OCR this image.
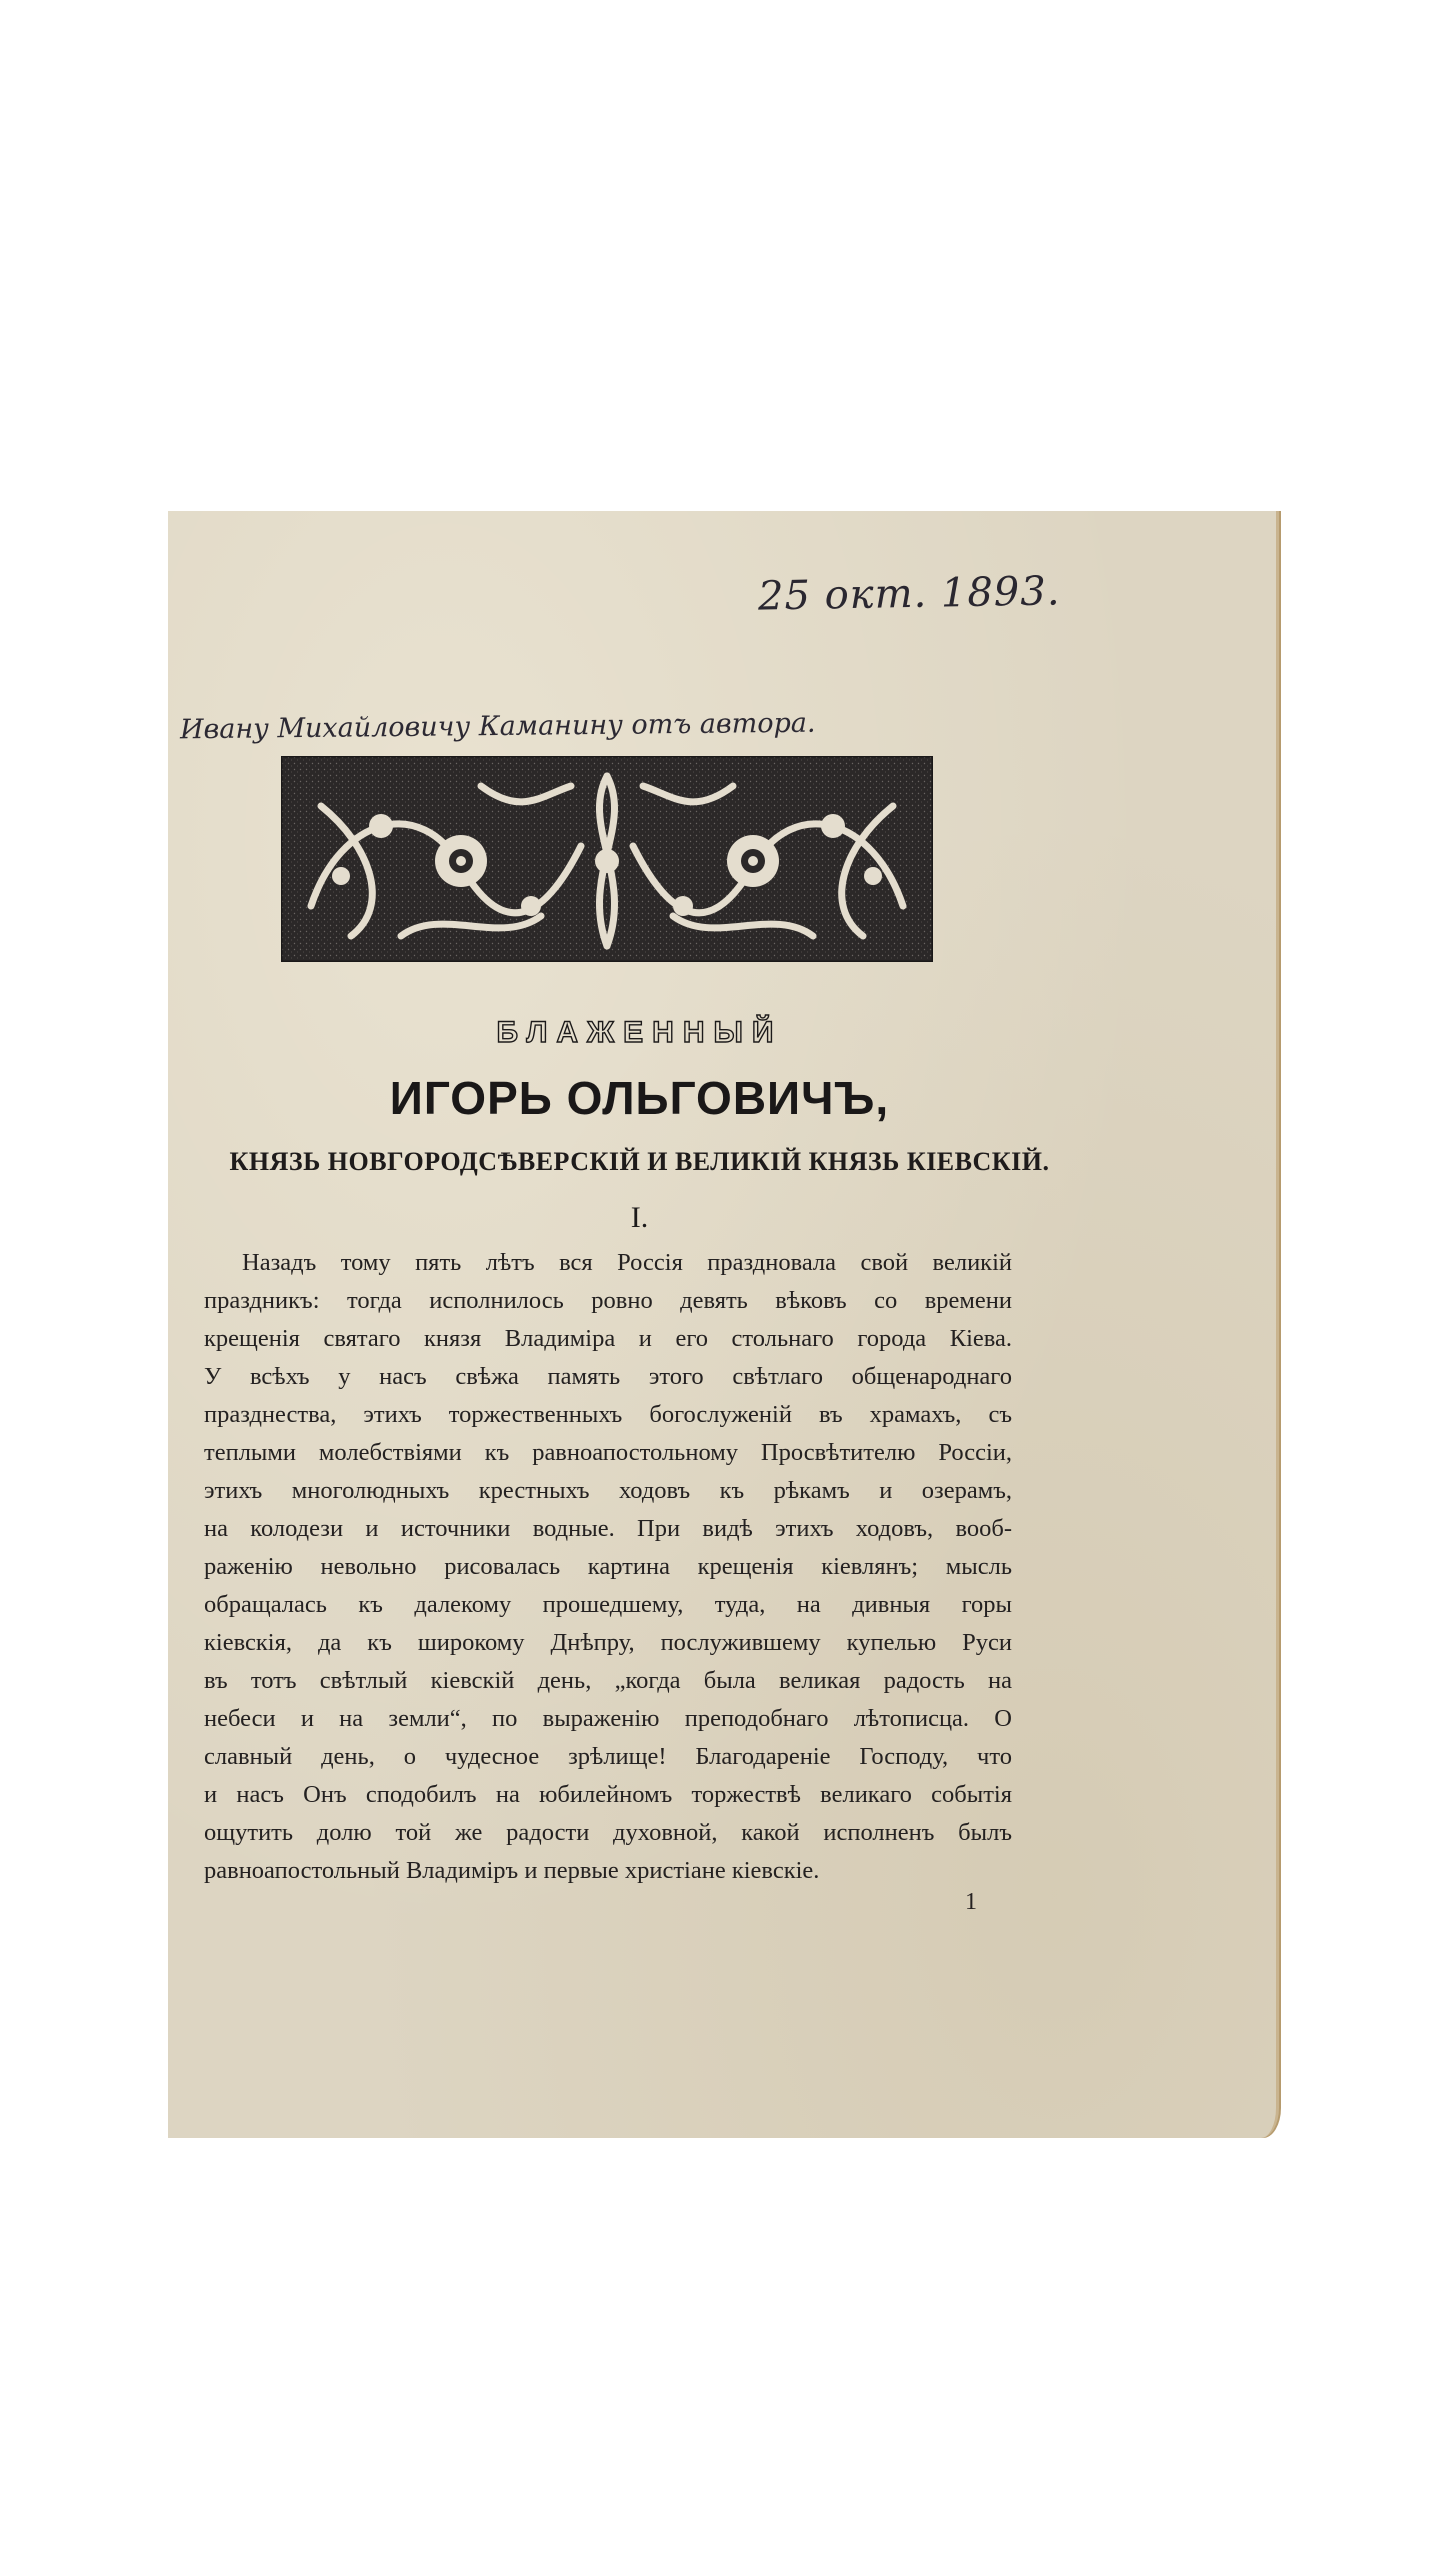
25 окт. 1893.
Ивану Михайловичу Каманину отъ автора.
БЛАЖЕННЫЙ
ИГОРЬ ОЛЬГОВИЧЪ,
КНЯЗЬ НОВГОРОДСѢВЕРСКІЙ И ВЕЛИКІЙ КНЯЗЬ КІЕВСКІЙ.
I.
Назадъ тому пять лѣтъ вся Россія праздновала свой великій
праздникъ: тогда исполнилось ровно девять вѣковъ со времени
крещенія святаго князя Владиміра и его стольнаго города Кіева.
У всѣхъ у насъ свѣжа память этого свѣтлаго общенароднаго
празднества, этихъ торжественныхъ богослуженій въ храмахъ, съ
теплыми молебствіями къ равноапостольному Просвѣтителю Россіи,
этихъ многолюдныхъ крестныхъ ходовъ къ рѣкамъ и озерамъ,
на колодези и источники водные. При видѣ этихъ ходовъ, вооб-
раженію невольно рисовалась картина крещенія кіевлянъ; мысль
обращалась къ далекому прошедшему, туда, на дивныя горы
кіевскія, да къ широкому Днѣпру, послужившему купелью Руси
въ тотъ свѣтлый кіевскій день, „когда была великая радость на
небеси и на земли“, по выраженію преподобнаго лѣтописца. О
славный день, о чудесное зрѣлище! Благодареніе Господу, что
и насъ Онъ сподобилъ на юбилейномъ торжествѣ великаго событія
ощутить долю той же радости духовной, какой исполненъ былъ
равноапостольный Владиміръ и первые христіане кіевскіе.
1
